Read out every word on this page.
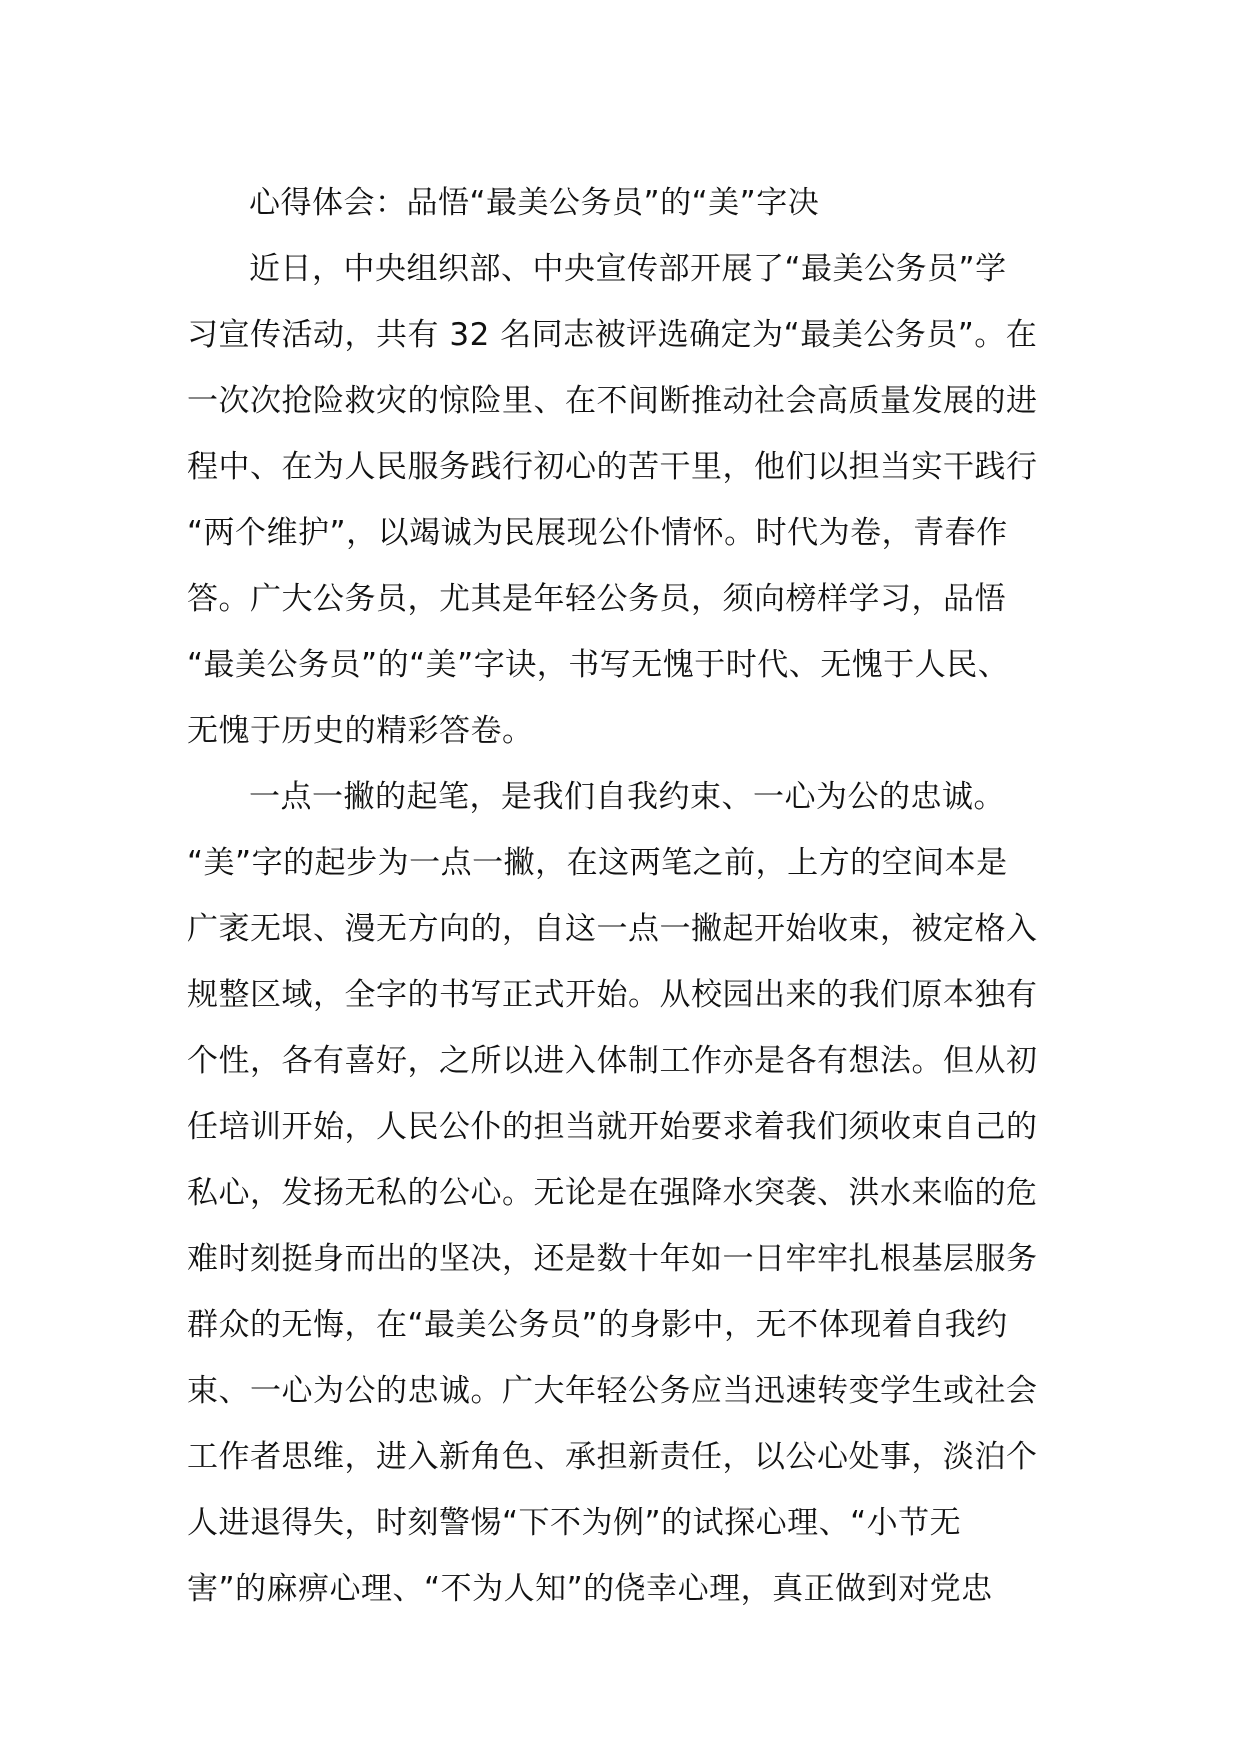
心得体会：品悟“最美公务员”的“美”字决
近日，中央组织部、中央宣传部开展了“最美公务员”学
习宣传活动，共有 32 名同志被评选确定为“最美公务员”。在
一次次抢险救灾的惊险里、在不间断推动社会高质量发展的进
程中、在为人民服务践行初心的苦干里，他们以担当实干践行
“两个维护”，以竭诚为民展现公仆情怀。时代为卷，青春作
答。广大公务员，尤其是年轻公务员，须向榜样学习，品悟
“最美公务员”的“美”字诀，书写无愧于时代、无愧于人民、
无愧于历史的精彩答卷。
一点一撇的起笔，是我们自我约束、一心为公的忠诚。
“美”字的起步为一点一撇，在这两笔之前，上方的空间本是
广袤无垠、漫无方向的，自这一点一撇起开始收束，被定格入
规整区域，全字的书写正式开始。从校园出来的我们原本独有
个性，各有喜好，之所以进入体制工作亦是各有想法。但从初
任培训开始，人民公仆的担当就开始要求着我们须收束自己的
私心，发扬无私的公心。无论是在强降水突袭、洪水来临的危
难时刻挺身而出的坚决，还是数十年如一日牢牢扎根基层服务
群众的无悔，在“最美公务员”的身影中，无不体现着自我约
束、一心为公的忠诚。广大年轻公务应当迅速转变学生或社会
工作者思维，进入新角色、承担新责任，以公心处事，淡泊个
人进退得失，时刻警惕“下不为例”的试探心理、“小节无
害”的麻痹心理、“不为人知”的侥幸心理，真正做到对党忠
